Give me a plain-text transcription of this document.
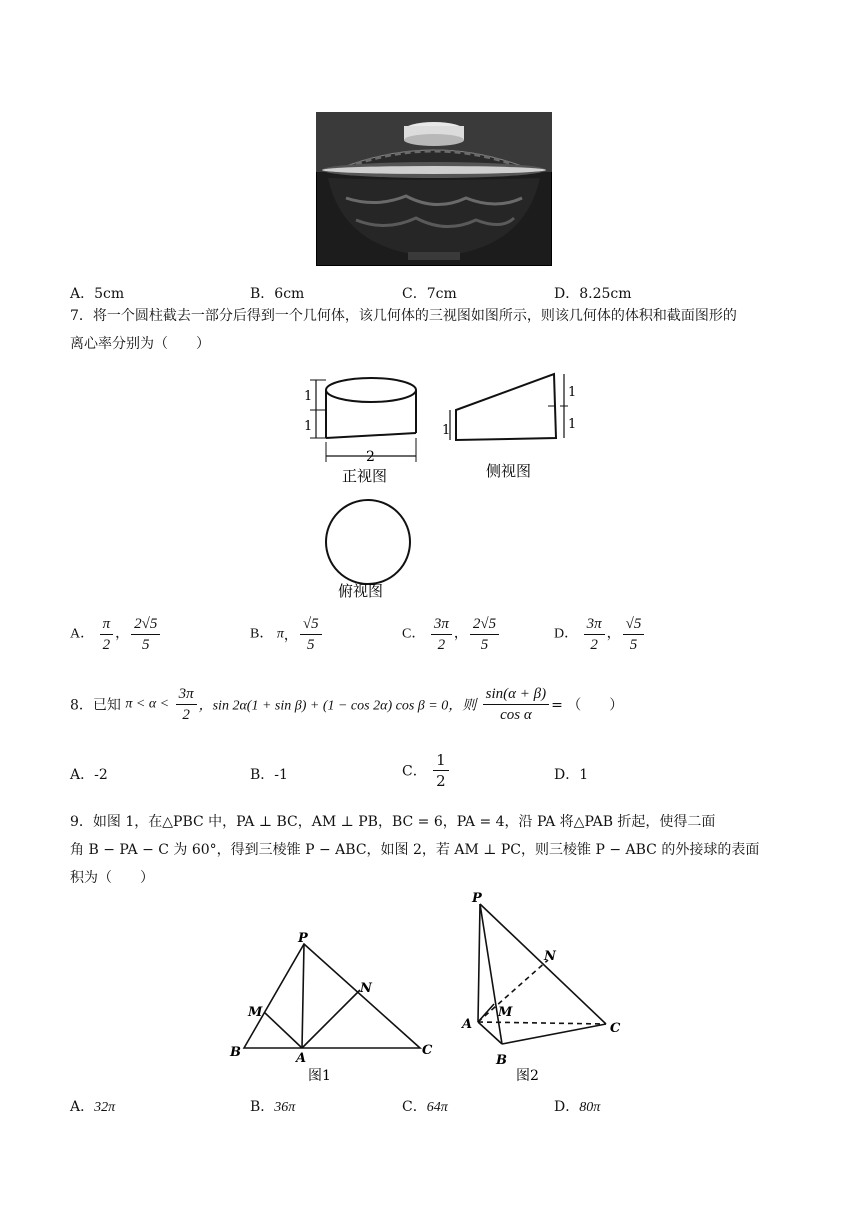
A．5cm	B．6cm	C．7cm	D．8.25cm
7．将一个圆柱截去一部分后得到一个几何体，该几何体的三视图如图所示，则该几何体的体积和截面图形的
离心率分别为（　　）
1
1
2
正视图
1
1
1
侧视图
俯视图
A． $\frac{\pi}{2}$ ， $\frac{2√5}{5}$	B． π， $\frac{√5}{5}$	C． $\frac{3\pi}{2}$ ， $\frac{2√5}{5}$	D． $\frac{3\pi}{2}$ ， $\frac{√5}{5}$
8．已知 $\pi < \alpha < \frac{3\pi}{2}$ ，sin 2α(1 + sin β) + (1 − cos 2α) cos β = 0，则 $\frac{\sin(\alpha + \beta)}{\text{cos α}}$ = （　　）
A．-2	B．-1	C． $\frac{1}{2}$	D．1
9．如图 1，在△PBC 中，PA ⊥ BC，AM ⊥ PB，BC = 6，PA = 4，沿 PA 将△PAB 折起，使得二面
角 B − PA − C 为 60°，得到三棱锥 P − ABC，如图 2，若 AM ⊥ PC，则三棱锥 P − ABC 的外接球的表面
积为（　　）
P
M
N
B	A
C
图1
P
N
M
A	C
B
图2
A．32π	B．36π	C．64π	D．80π
